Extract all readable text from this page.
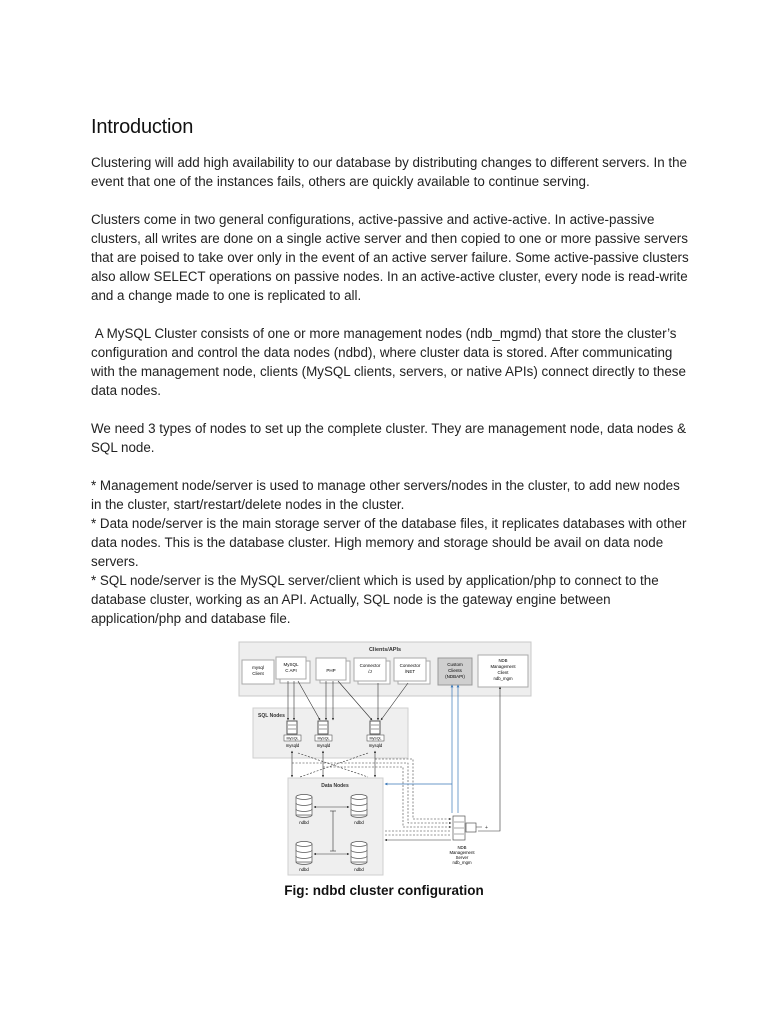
Introduction

Clustering will add high availability to our database by distributing changes to different servers. In the event that one of the instances fails, others are quickly available to continue serving.

Clusters come in two general configurations, active-passive and active-active. In active-passive clusters, all writes are done on a single active server and then copied to one or more passive servers that are poised to take over only in the event of an active server failure. Some active-passive clusters also allow SELECT operations on passive nodes. In an active-active cluster, every node is read-write and a change made to one is replicated to all.

A MySQL Cluster consists of one or more management nodes (ndb_mgmd) that store the cluster’s configuration and control the data nodes (ndbd), where cluster data is stored. After communicating with the management node, clients (MySQL clients, servers, or native APIs) connect directly to these data nodes.

We need 3 types of nodes to set up the complete cluster. They are management node, data nodes & SQL node.

* Management node/server is used to manage other servers/nodes in the cluster, to add new nodes in the cluster, start/restart/delete nodes in the cluster.

* Data node/server is the main storage server of the database files, it replicates databases with other data nodes. This is the database cluster. High memory and storage should be avail on data node servers.

* SQL node/server is the MySQL server/client which is used by application/php to connect to the database cluster, working as an API. Actually, SQL node is the gateway engine between application/php and database file.

Clients/APIs
mysql
Client
MySQL
C API	PHP
Connector
/J
Connector
/NET
Custom
Clients
(NDBAPI)
NDB
Management
Client
ndb_mgm
SQL Nodes
MySQL
mysqld
MySQL
mysqld
MySQL
mysqld
Data Nodes
ndbd	ndbd
ndbd	ndbd
+
NDB
Management
Server
ndb_mgm
Fig: ndbd cluster configuration
